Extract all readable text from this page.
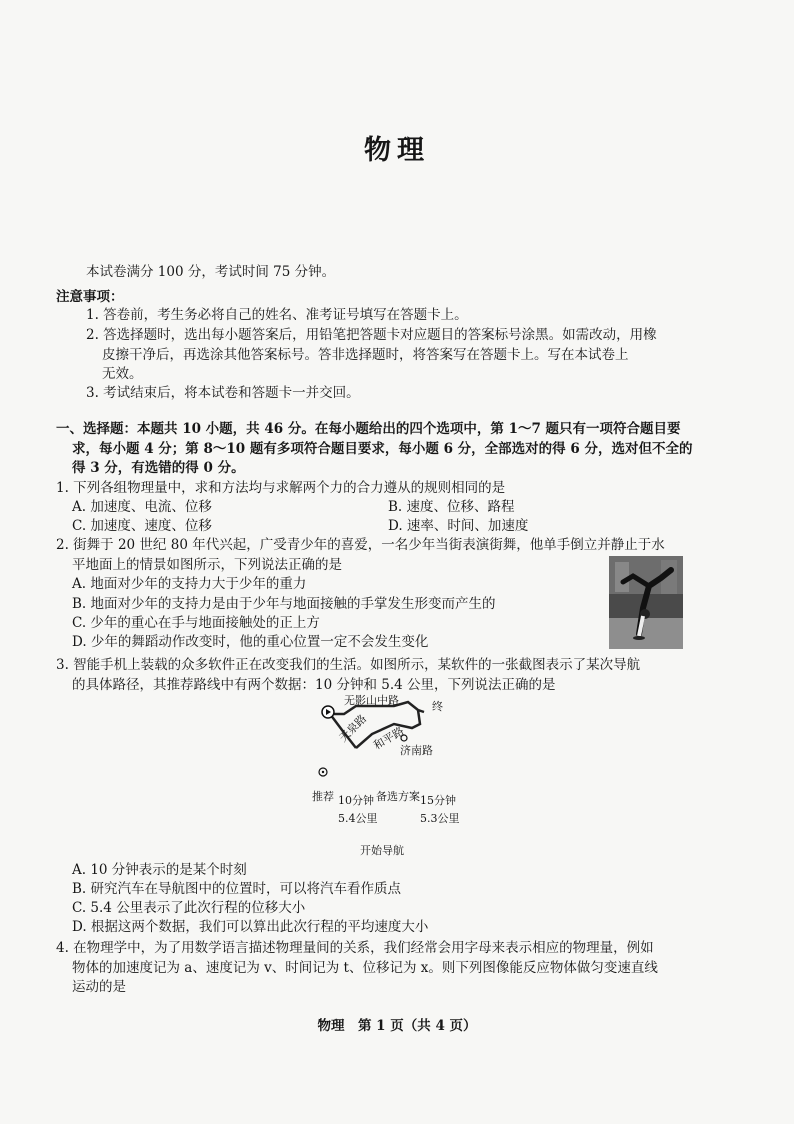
物理
本试卷满分 100 分，考试时间 75 分钟。
注意事项：
1. 答卷前，考生务必将自己的姓名、准考证号填写在答题卡上。
2. 答选择题时，选出每小题答案后，用铅笔把答题卡对应题目的答案标号涂黑。如需改动，用橡
皮擦干净后，再选涂其他答案标号。答非选择题时，将答案写在答题卡上。写在本试卷上
无效。
3. 考试结束后，将本试卷和答题卡一并交回。
一、选择题：本题共 10 小题，共 46 分。在每小题给出的四个选项中，第 1～7 题只有一项符合题目要
求，每小题 4 分；第 8～10 题有多项符合题目要求，每小题 6 分，全部选对的得 6 分，选对但不全的
得 3 分，有选错的得 0 分。
1. 下列各组物理量中，求和方法均与求解两个力的合力遵从的规则相同的是
A. 加速度、电流、位移	B. 速度、位移、路程
C. 加速度、速度、位移	D. 速率、时间、加速度
2. 街舞于 20 世纪 80 年代兴起，广受青少年的喜爱，一名少年当街表演街舞，他单手倒立并静止于水
平地面上的情景如图所示，下列说法正确的是
A. 地面对少年的支持力大于少年的重力
B. 地面对少年的支持力是由于少年与地面接触的手掌发生形变而产生的
C. 少年的重心在手与地面接触处的正上方
D. 少年的舞蹈动作改变时，他的重心位置一定不会发生变化
3. 智能手机上装载的众多软件正在改变我们的生活。如图所示，某软件的一张截图表示了某次导航
的具体路径，其推荐路线中有两个数据：10 分钟和 5.4 公里，下列说法正确的是
无影山中路
天泉路 和平路
济南路
终
推荐 10分钟 备选方案 15分钟
5.4公里	5.3公里
开始导航
A. 10 分钟表示的是某个时刻
B. 研究汽车在导航图中的位置时，可以将汽车看作质点
C. 5.4 公里表示了此次行程的位移大小
D. 根据这两个数据，我们可以算出此次行程的平均速度大小
4. 在物理学中，为了用数学语言描述物理量间的关系，我们经常会用字母来表示相应的物理量，例如
物体的加速度记为 a、速度记为 v、时间记为 t、位移记为 x。则下列图像能反应物体做匀变速直线
运动的是
物理　第 1 页（共 4 页）
